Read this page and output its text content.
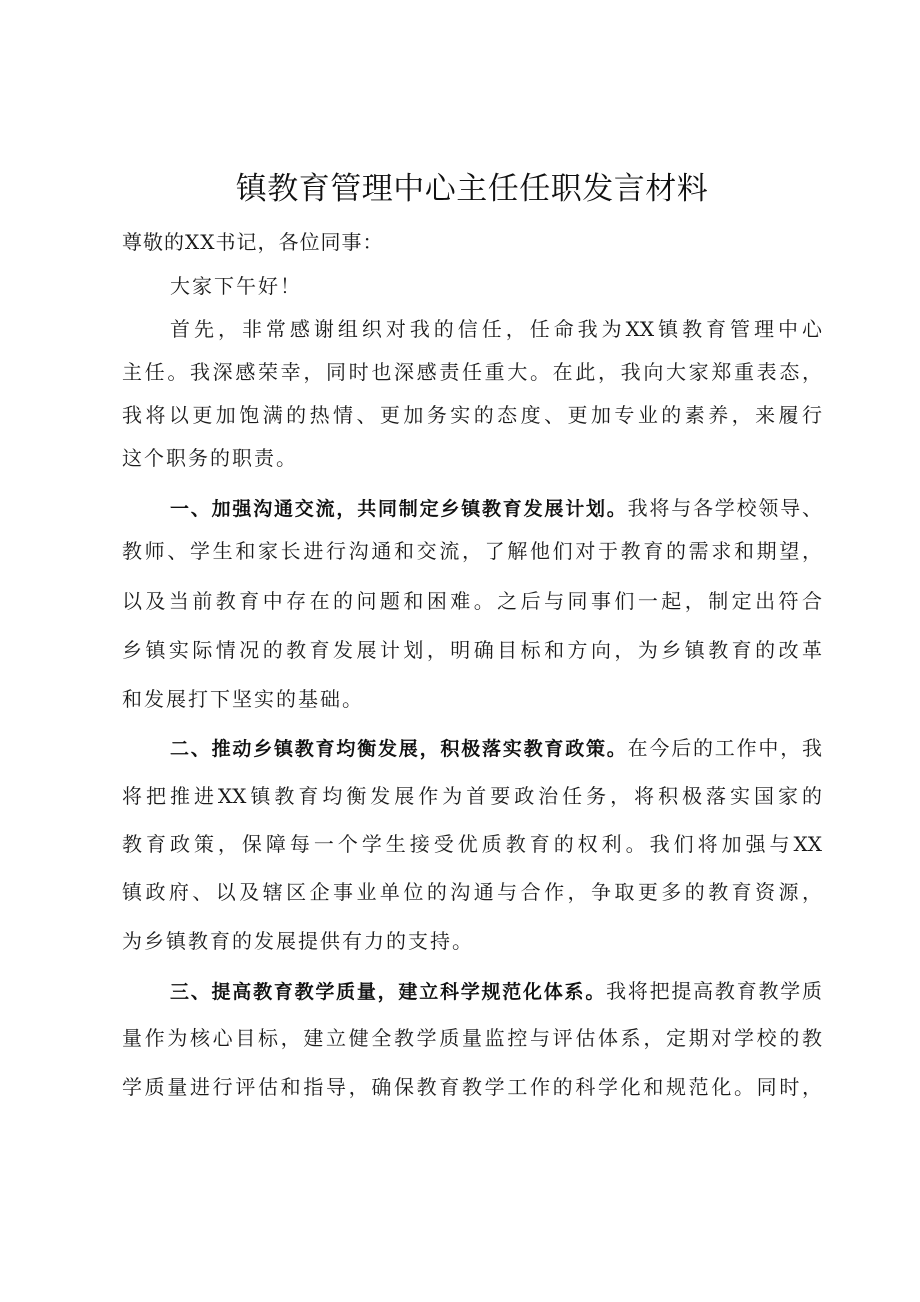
镇教育管理中心主任任职发言材料
尊敬的XX书记，各位同事：
大家下午好！
首先，非常感谢组织对我的信任，任命我为XX镇教育管理中心
主任。我深感荣幸，同时也深感责任重大。在此，我向大家郑重表态，
我将以更加饱满的热情、更加务实的态度、更加专业的素养，来履行
这个职务的职责。
一、加强沟通交流，共同制定乡镇教育发展计划。我将与各学校领导、
教师、学生和家长进行沟通和交流，了解他们对于教育的需求和期望，
以及当前教育中存在的问题和困难。之后与同事们一起，制定出符合
乡镇实际情况的教育发展计划，明确目标和方向，为乡镇教育的改革
和发展打下坚实的基础。
二、推动乡镇教育均衡发展，积极落实教育政策。在今后的工作中，我
将把推进XX镇教育均衡发展作为首要政治任务，将积极落实国家的
教育政策，保障每一个学生接受优质教育的权利。我们将加强与XX
镇政府、以及辖区企事业单位的沟通与合作，争取更多的教育资源，
为乡镇教育的发展提供有力的支持。
三、提高教育教学质量，建立科学规范化体系。我将把提高教育教学质
量作为核心目标，建立健全教学质量监控与评估体系，定期对学校的教
学质量进行评估和指导，确保教育教学工作的科学化和规范化。同时，
